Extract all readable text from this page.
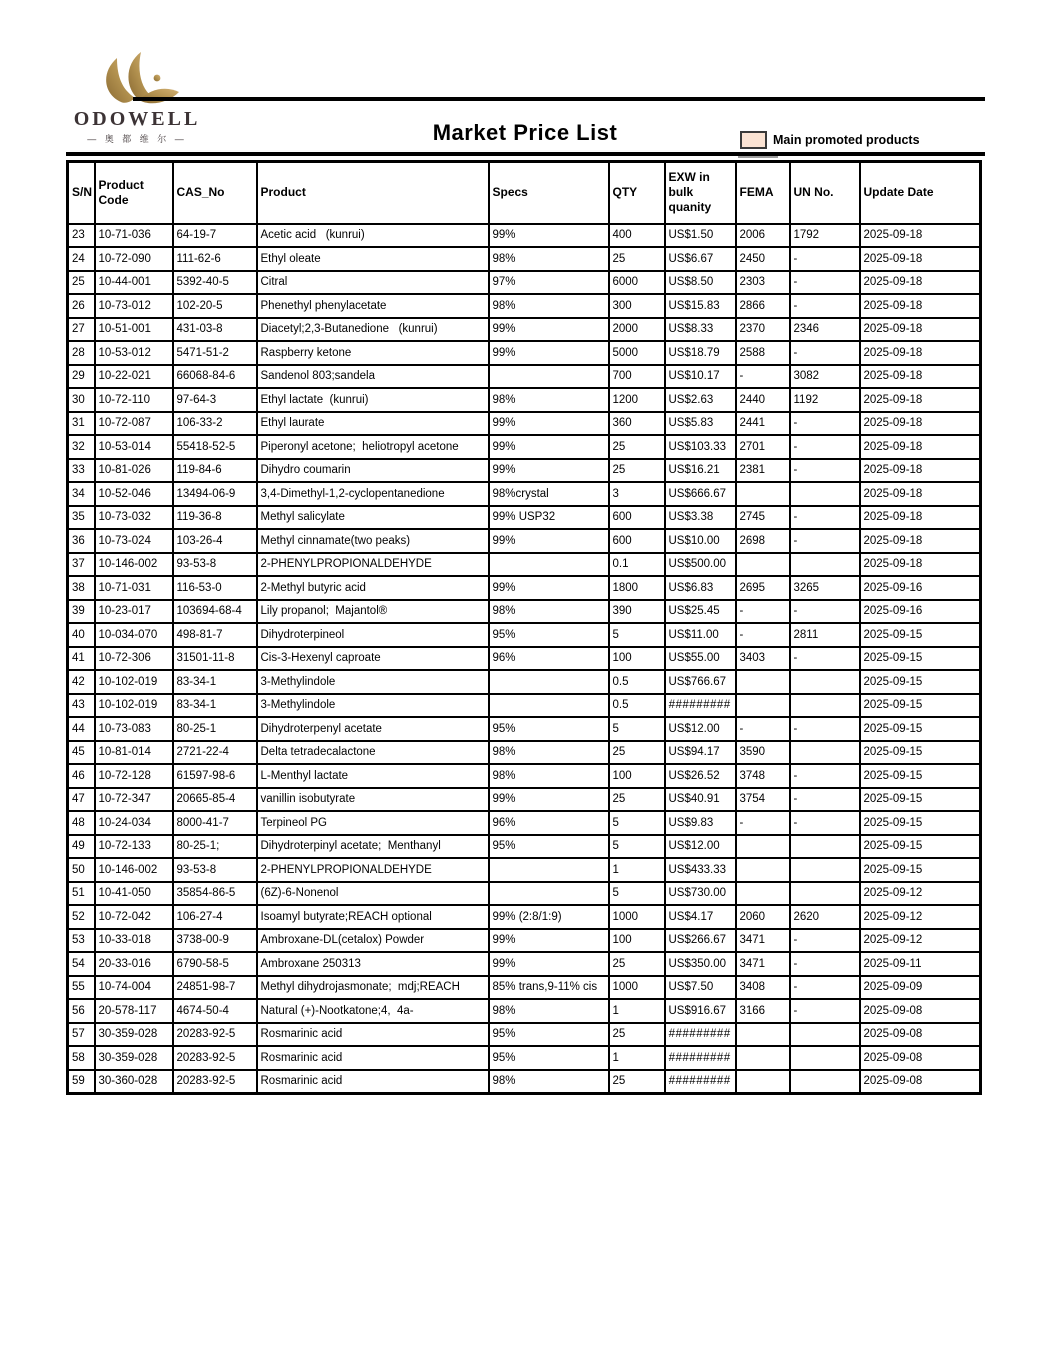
ODOWELL
— 奥 都 维 尔 —	Market Price List	Main promoted products
S/N	Product Code	CAS_No	Product	Specs	QTY	EXW in bulk quanity	FEMA	UN No.	Update Date
23	10-71-036	64-19-7	Acetic acid   (kunrui)	99%	400	US$1.50	2006	1792	2025-09-18
24	10-72-090	111-62-6	Ethyl oleate	98%	25	US$6.67	2450	-	2025-09-18
25	10-44-001	5392-40-5	Citral	97%	6000	US$8.50	2303	-	2025-09-18
26	10-73-012	102-20-5	Phenethyl phenylacetate	98%	300	US$15.83	2866	-	2025-09-18
27	10-51-001	431-03-8	Diacetyl;2,3-Butanedione   (kunrui)	99%	2000	US$8.33	2370	2346	2025-09-18
28	10-53-012	5471-51-2	Raspberry ketone	99%	5000	US$18.79	2588	-	2025-09-18
29	10-22-021	66068-84-6	Sandenol 803;sandela		700	US$10.17	-	3082	2025-09-18
30	10-72-110	97-64-3	Ethyl lactate  (kunrui)	98%	1200	US$2.63	2440	1192	2025-09-18
31	10-72-087	106-33-2	Ethyl laurate	99%	360	US$5.83	2441	-	2025-09-18
32	10-53-014	55418-52-5	Piperonyl acetone;  heliotropyl acetone	99%	25	US$103.33	2701	-	2025-09-18
33	10-81-026	119-84-6	Dihydro coumarin	99%	25	US$16.21	2381	-	2025-09-18
34	10-52-046	13494-06-9	3,4-Dimethyl-1,2-cyclopentanedione	98%crystal	3	US$666.67			2025-09-18
35	10-73-032	119-36-8	Methyl salicylate	99% USP32	600	US$3.38	2745	-	2025-09-18
36	10-73-024	103-26-4	Methyl cinnamate(two peaks)	99%	600	US$10.00	2698	-	2025-09-18
37	10-146-002	93-53-8	2-PHENYLPROPIONALDEHYDE		0.1	US$500.00			2025-09-18
38	10-71-031	116-53-0	2-Methyl butyric acid	99%	1800	US$6.83	2695	3265	2025-09-16
39	10-23-017	103694-68-4	Lily propanol;  Majantol®	98%	390	US$25.45	-	-	2025-09-16
40	10-034-070	498-81-7	Dihydroterpineol	95%	5	US$11.00	-	2811	2025-09-15
41	10-72-306	31501-11-8	Cis-3-Hexenyl caproate	96%	100	US$55.00	3403	-	2025-09-15
42	10-102-019	83-34-1	3-Methylindole		0.5	US$766.67			2025-09-15
43	10-102-019	83-34-1	3-Methylindole		0.5	#########			2025-09-15
44	10-73-083	80-25-1	Dihydroterpenyl acetate	95%	5	US$12.00	-	-	2025-09-15
45	10-81-014	2721-22-4	Delta tetradecalactone	98%	25	US$94.17	3590		2025-09-15
46	10-72-128	61597-98-6	L-Menthyl lactate	98%	100	US$26.52	3748	-	2025-09-15
47	10-72-347	20665-85-4	vanillin isobutyrate	99%	25	US$40.91	3754	-	2025-09-15
48	10-24-034	8000-41-7	Terpineol PG	96%	5	US$9.83	-	-	2025-09-15
49	10-72-133	80-25-1;	Dihydroterpinyl acetate;  Menthanyl	95%	5	US$12.00			2025-09-15
50	10-146-002	93-53-8	2-PHENYLPROPIONALDEHYDE		1	US$433.33			2025-09-15
51	10-41-050	35854-86-5	(6Z)-6-Nonenol		5	US$730.00			2025-09-12
52	10-72-042	106-27-4	Isoamyl butyrate;REACH optional	99% (2:8/1:9)	1000	US$4.17	2060	2620	2025-09-12
53	10-33-018	3738-00-9	Ambroxane-DL(cetalox) Powder	99%	100	US$266.67	3471	-	2025-09-12
54	20-33-016	6790-58-5	Ambroxane 250313	99%	25	US$350.00	3471	-	2025-09-11
55	10-74-004	24851-98-7	Methyl dihydrojasmonate;  mdj;REACH	85% trans,9-11% cis	1000	US$7.50	3408	-	2025-09-09
56	20-578-117	4674-50-4	Natural (+)-Nootkatone;4,  4a-	98%	1	US$916.67	3166	-	2025-09-08
57	30-359-028	20283-92-5	Rosmarinic acid	95%	25	#########			2025-09-08
58	30-359-028	20283-92-5	Rosmarinic acid	95%	1	#########			2025-09-08
59	30-360-028	20283-92-5	Rosmarinic acid	98%	25	#########			2025-09-08
